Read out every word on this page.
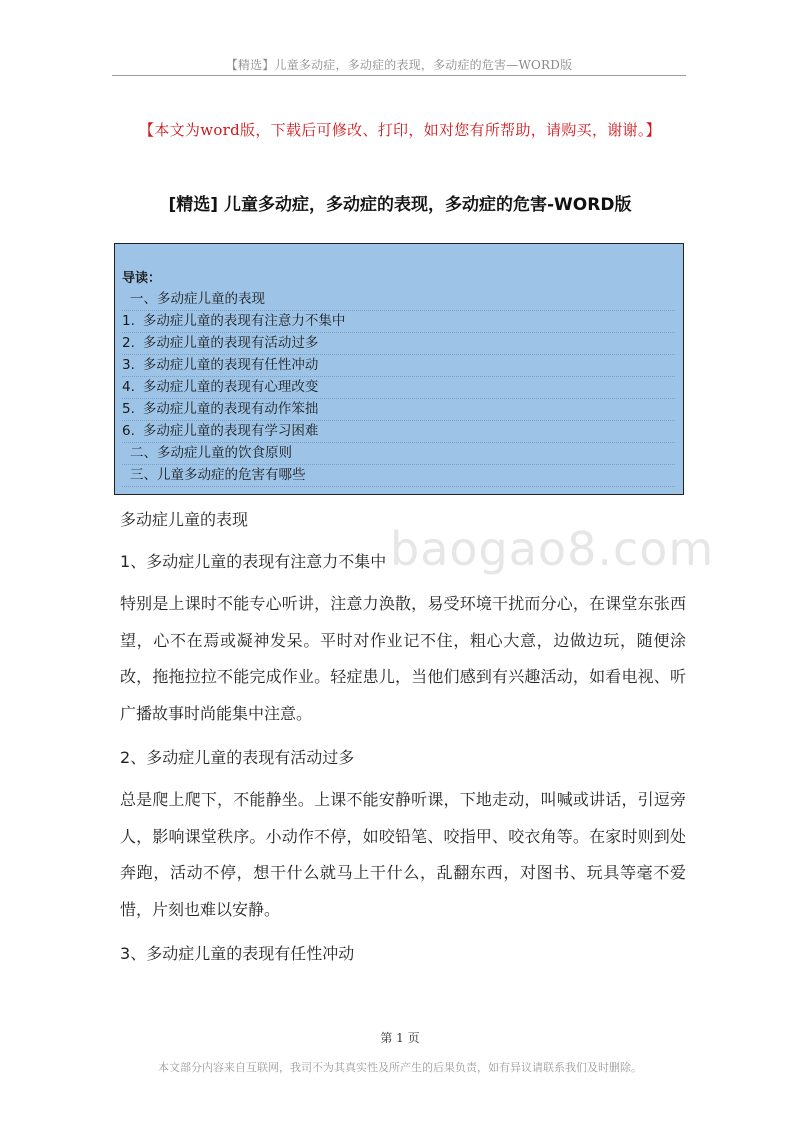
【精选】儿童多动症，多动症的表现，多动症的危害—WORD版
【本文为word版，下载后可修改、打印，如对您有所帮助，请购买，谢谢。】
[精选] 儿童多动症，多动症的表现，多动症的危害-WORD版
导读：
一、多动症儿童的表现
1. 多动症儿童的表现有注意力不集中
2. 多动症儿童的表现有活动过多
3. 多动症儿童的表现有任性冲动
4. 多动症儿童的表现有心理改变
5. 多动症儿童的表现有动作笨拙
6. 多动症儿童的表现有学习困难
二、多动症儿童的饮食原则
三、儿童多动症的危害有哪些
baogao8.com
多动症儿童的表现
1、多动症儿童的表现有注意力不集中

特别是上课时不能专心听讲，注意力涣散，易受环境干扰而分心，在课堂东张西望，心不在焉或凝神发呆。平时对作业记不住，粗心大意，边做边玩，随便涂改，拖拖拉拉不能完成作业。轻症患儿，当他们感到有兴趣活动，如看电视、听广播故事时尚能集中注意。

2、多动症儿童的表现有活动过多

总是爬上爬下，不能静坐。上课不能安静听课，下地走动，叫喊或讲话，引逗旁人，影响课堂秩序。小动作不停，如咬铅笔、咬指甲、咬衣角等。在家时则到处奔跑，活动不停，想干什么就马上干什么，乱翻东西，对图书、玩具等毫不爱惜，片刻也难以安静。

3、多动症儿童的表现有任性冲动
第 1 页
本文部分内容来自互联网，我司不为其真实性及所产生的后果负责，如有异议请联系我们及时删除。
